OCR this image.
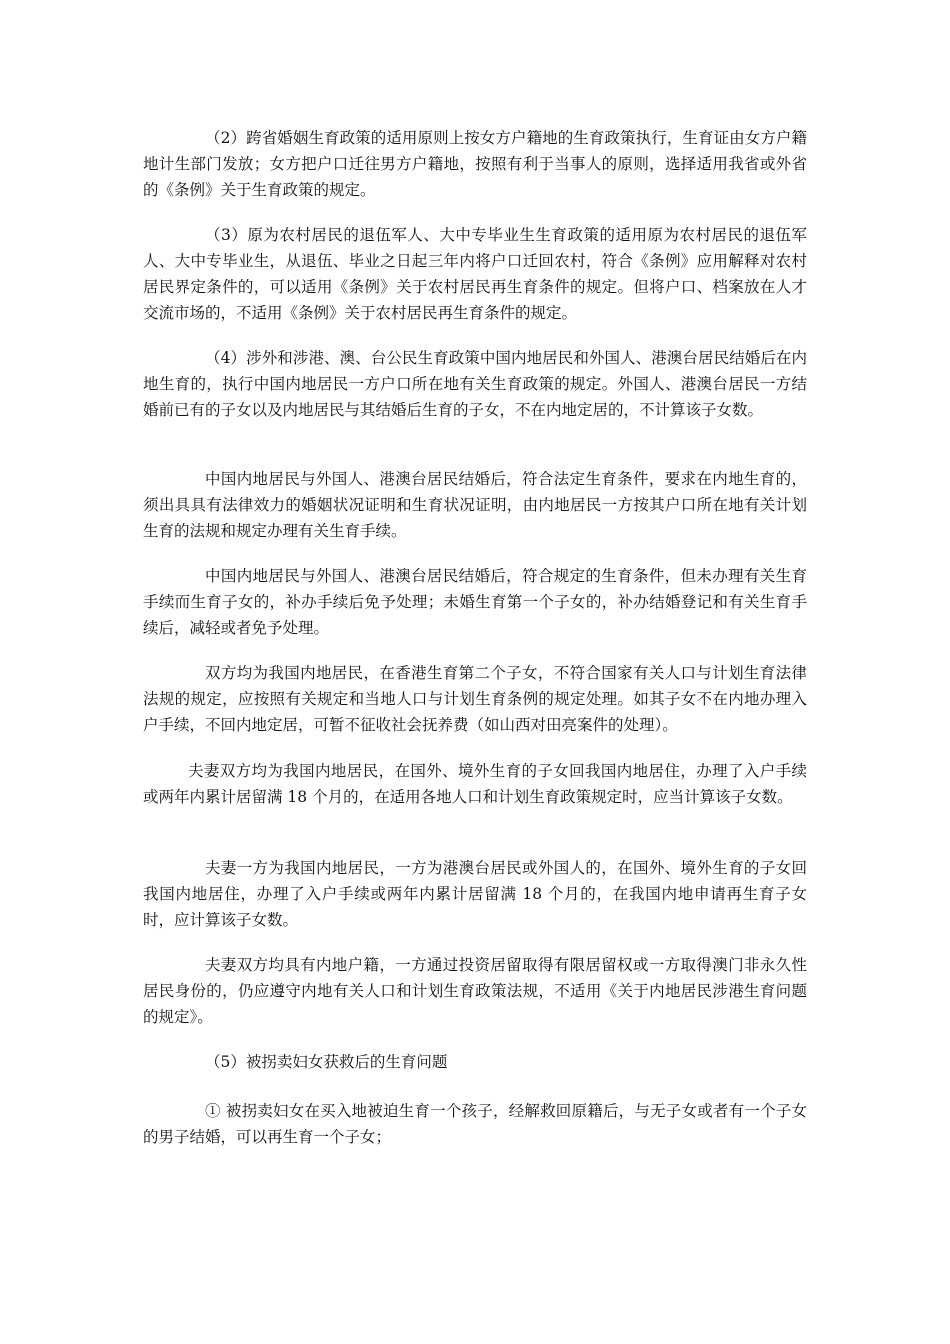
（2）跨省婚姻生育政策的适用原则上按女方户籍地的生育政策执行，生育证由女方户籍地计生部门发放；女方把户口迁往男方户籍地，按照有利于当事人的原则，选择适用我省或外省的《条例》关于生育政策的规定。

（3）原为农村居民的退伍军人、大中专毕业生生育政策的适用原为农村居民的退伍军人、大中专毕业生，从退伍、毕业之日起三年内将户口迁回农村，符合《条例》应用解释对农村居民界定条件的，可以适用《条例》关于农村居民再生育条件的规定。但将户口、档案放在人才交流市场的，不适用《条例》关于农村居民再生育条件的规定。

（4）涉外和涉港、澳、台公民生育政策中国内地居民和外国人、港澳台居民结婚后在内地生育的，执行中国内地居民一方户口所在地有关生育政策的规定。外国人、港澳台居民一方结婚前已有的子女以及内地居民与其结婚后生育的子女，不在内地定居的，不计算该子女数。

中国内地居民与外国人、港澳台居民结婚后，符合法定生育条件，要求在内地生育的，须出具具有法律效力的婚姻状况证明和生育状况证明，由内地居民一方按其户口所在地有关计划生育的法规和规定办理有关生育手续。

中国内地居民与外国人、港澳台居民结婚后，符合规定的生育条件，但未办理有关生育手续而生育子女的，补办手续后免予处理；未婚生育第一个子女的，补办结婚登记和有关生育手续后，减轻或者免予处理。

双方均为我国内地居民，在香港生育第二个子女，不符合国家有关人口与计划生育法律法规的规定，应按照有关规定和当地人口与计划生育条例的规定处理。如其子女不在内地办理入户手续，不回内地定居，可暂不征收社会抚养费（如山西对田亮案件的处理）。

夫妻双方均为我国内地居民，在国外、境外生育的子女回我国内地居住，办理了入户手续或两年内累计居留满 18 个月的，在适用各地人口和计划生育政策规定时，应当计算该子女数。

夫妻一方为我国内地居民，一方为港澳台居民或外国人的，在国外、境外生育的子女回我国内地居住，办理了入户手续或两年内累计居留满 18 个月的，在我国内地申请再生育子女时，应计算该子女数。

夫妻双方均具有内地户籍，一方通过投资居留取得有限居留权或一方取得澳门非永久性居民身份的，仍应遵守内地有关人口和计划生育政策法规，不适用《关于内地居民涉港生育问题的规定》。

（5）被拐卖妇女获救后的生育问题

① 被拐卖妇女在买入地被迫生育一个孩子，经解救回原籍后，与无子女或者有一个子女的男子结婚，可以再生育一个子女；
